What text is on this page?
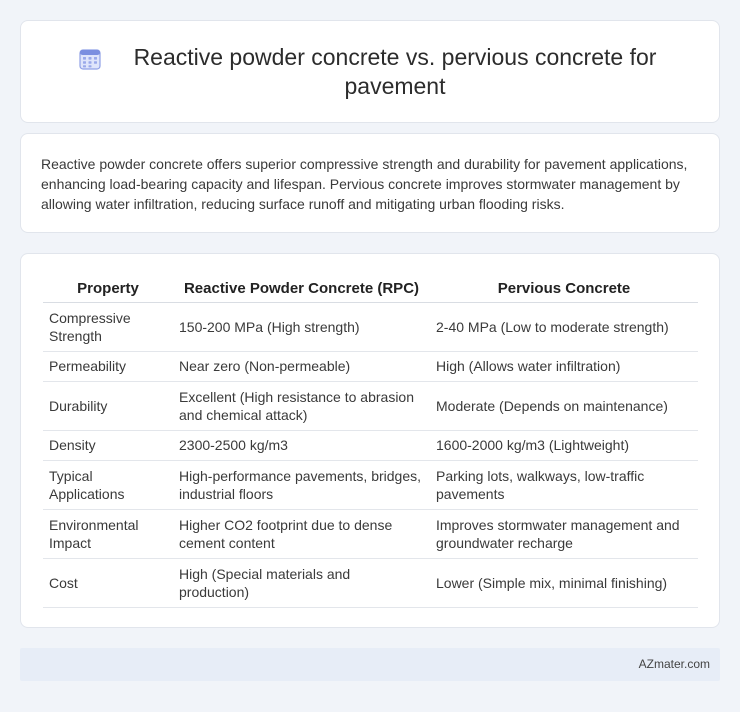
Reactive powder concrete vs. pervious concrete for pavement

Reactive powder concrete offers superior compressive strength and durability for pavement applications, enhancing load-bearing capacity and lifespan. Pervious concrete improves stormwater management by allowing water infiltration, reducing surface runoff and mitigating urban flooding risks.

Property	Reactive Powder Concrete (RPC)	Pervious Concrete
Compressive Strength	150-200 MPa (High strength)	2-40 MPa (Low to moderate strength)
Permeability	Near zero (Non-permeable)	High (Allows water infiltration)
Durability	Excellent (High resistance to abrasion and chemical attack)	Moderate (Depends on maintenance)
Density	2300-2500 kg/m3	1600-2000 kg/m3 (Lightweight)
Typical Applications	High-performance pavements, bridges, industrial floors	Parking lots, walkways, low-traffic pavements
Environmental Impact	Higher CO2 footprint due to dense cement content	Improves stormwater management and groundwater recharge
Cost	High (Special materials and production)	Lower (Simple mix, minimal finishing)
AZmater.com
